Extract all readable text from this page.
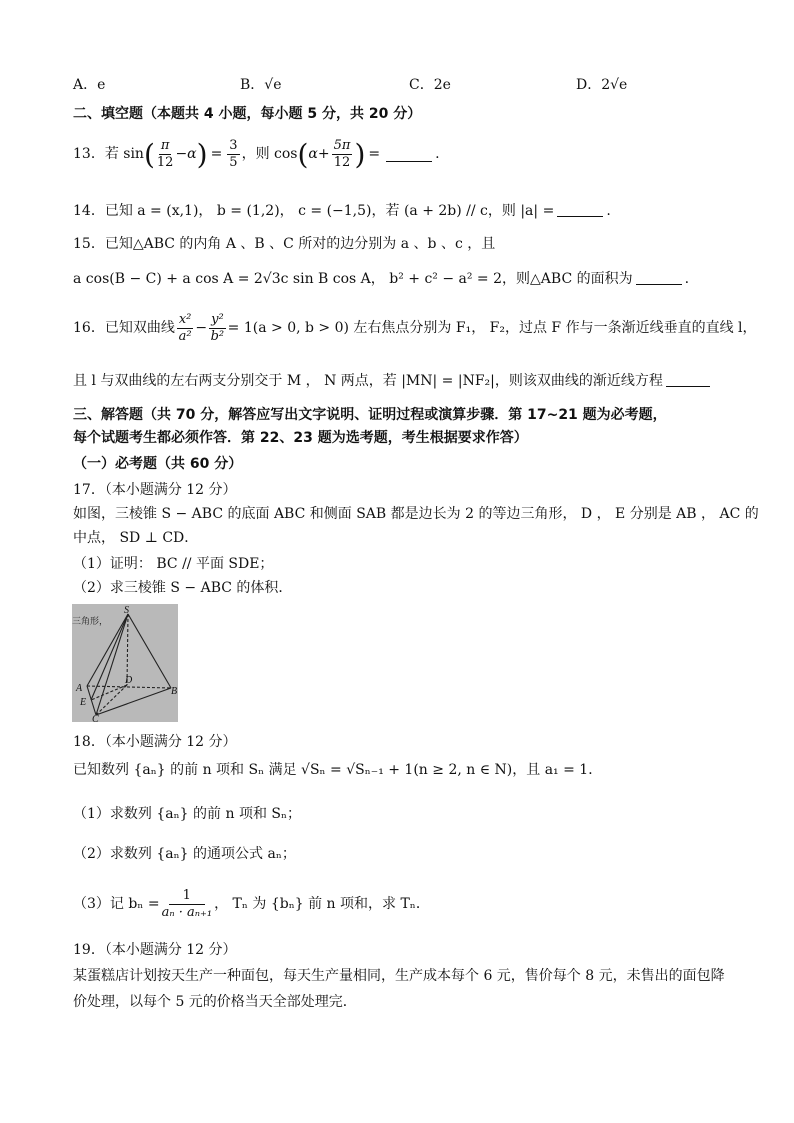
A．e	B．√e	C．2e	D．2√e
二、填空题（本题共 4 小题，每小题 5 分，共 20 分）
13．若 sin ( $\frac{\pi}{12} -\alpha$ ) = $\frac{3}{5}$ ，则 cos ( $\alpha+ \frac{5\pi}{12}$ ) =	.
14．已知 a = (x,1)， b = (1,2)， c = (−1,5)，若 (a + 2b) // c，则 |a| =	.
15．已知△ABC 的内角 A 、B 、C 所对的边分别为 a 、b 、c ，且
a cos(B − C) + a cos A = 2√3c sin B cos A， b² + c² − a² = 2，则△ABC 的面积为	.
16．已知双曲线 $\frac{\text{x²}}{\text{a²}} - \frac{\text{y²}}{\text{b²}} = 1(a > 0$, b > 0) 左右焦点分别为 F₁， F₂，过点 F 作与一条渐近线垂直的直线 l，
且 l 与双曲线的左右两支分别交于 M ， N 两点，若 |MN| = |NF₂|，则该双曲线的渐近线方程
三、解答题（共 70 分，解答应写出文字说明、证明过程或演算步骤．第 17~21 题为必考题，
每个试题考生都必须作答．第 22、23 题为选考题，考生根据要求作答）
（一）必考题（共 60 分）
17．（本小题满分 12 分）
如图，三棱锥 S − ABC 的底面 ABC 和侧面 SAB 都是边长为 2 的等边三角形， D ， E 分别是 AB ， AC 的
中点， SD ⊥ CD．
（1）证明： BC // 平面 SDE；
（2）求三棱锥 S − ABC 的体积．
S
A	B
C
D
E
三角形，
18．（本小题满分 12 分）
已知数列 {aₙ} 的前 n 项和 Sₙ 满足 √Sₙ = √Sₙ₋₁ + 1(n ≥ 2, n ∈ N)，且 a₁ = 1．
（1）求数列 {aₙ} 的前 n 项和 Sₙ；
（2）求数列 {aₙ} 的通项公式 aₙ；
（3）记 $b_n = \frac{1}{\text{aₙ · aₙ₊₁}}$ ， Tₙ 为 {bₙ} 前 n 项和，求 Tₙ．
19．（本小题满分 12 分）
某蛋糕店计划按天生产一种面包，每天生产量相同，生产成本每个 6 元，售价每个 8 元，未售出的面包降
价处理，以每个 5 元的价格当天全部处理完．
